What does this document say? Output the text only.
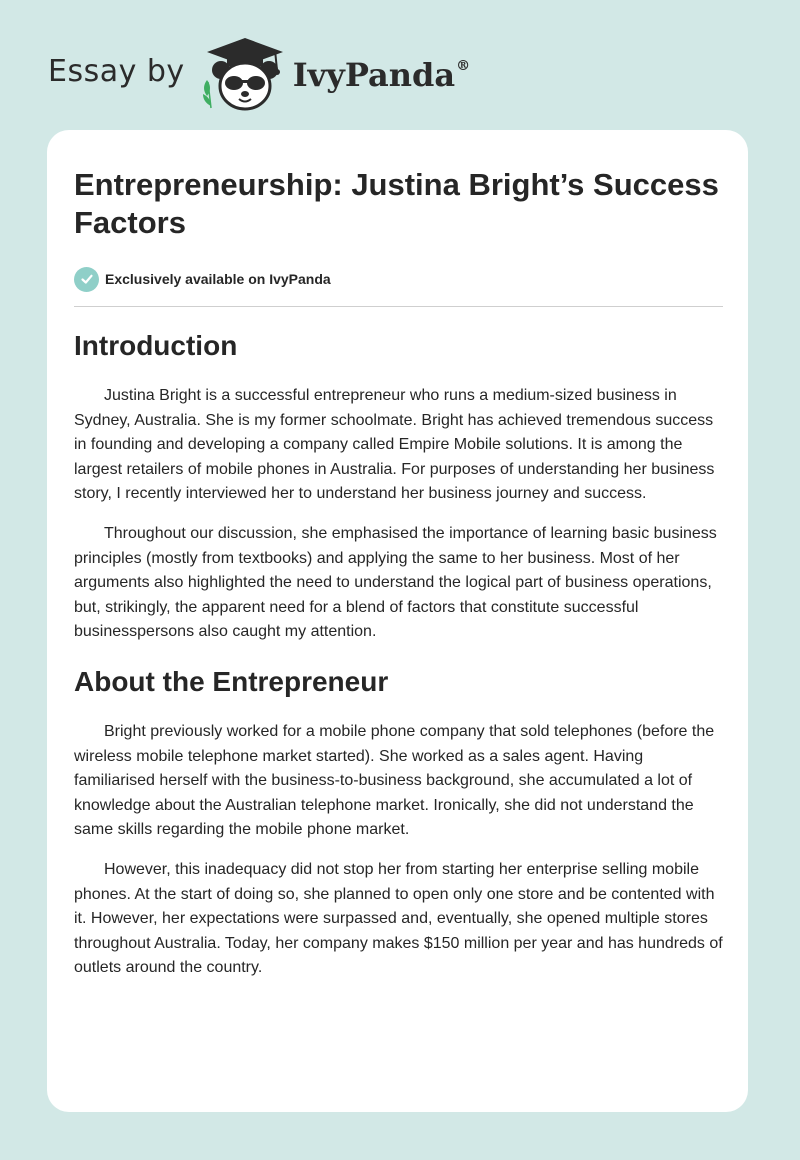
Essay by	IvyPanda®
Entrepreneurship: Justina Bright’s Success Factors
Exclusively available on IvyPanda
Introduction

Justina Bright is a successful entrepreneur who runs a medium-sized business in Sydney, Australia. She is my former schoolmate. Bright has achieved tremendous success in founding and developing a company called Empire Mobile solutions. It is among the largest retailers of mobile phones in Australia. For purposes of understanding her business story, I recently interviewed her to understand her business journey and success.

Throughout our discussion, she emphasised the importance of learning basic business principles (mostly from textbooks) and applying the same to her business. Most of her arguments also highlighted the need to understand the logical part of business operations, but, strikingly, the apparent need for a blend of factors that constitute successful businesspersons also caught my attention.

About the Entrepreneur

Bright previously worked for a mobile phone company that sold telephones (before the wireless mobile telephone market started). She worked as a sales agent. Having familiarised herself with the business-to-business background, she accumulated a lot of knowledge about the Australian telephone market. Ironically, she did not understand the same skills regarding the mobile phone market.

However, this inadequacy did not stop her from starting her enterprise selling mobile phones. At the start of doing so, she planned to open only one store and be contented with it. However, her expectations were surpassed and, eventually, she opened multiple stores throughout Australia. Today, her company makes $150 million per year and has hundreds of outlets around the country.
